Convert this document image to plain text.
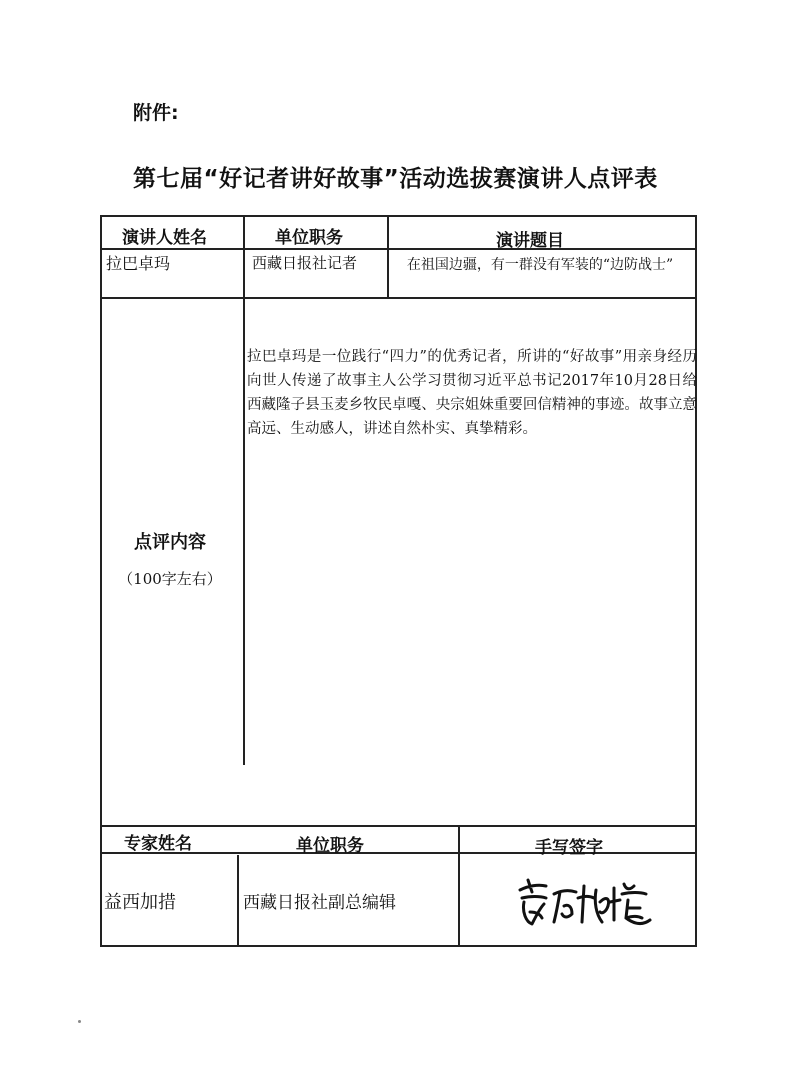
附件:
第七届“好记者讲好故事”活动选拔赛演讲人点评表
演讲人姓名	单位职务	演讲题目
拉巴卓玛	西藏日报社记者	在祖国边疆，有一群没有军装的“边防战士”
点评内容
（100字左右）
拉巴卓玛是一位践行“四力”的优秀记者，所讲的“好故事”用亲身经历向世人传递了故事主人公学习贯彻习近平总书记2017年10月28日给西藏隆子县玉麦乡牧民卓嘎、央宗姐妹重要回信精神的事迹。故事立意高远、生动感人，讲述自然朴实、真挚精彩。
专家姓名	单位职务	手写签字
益西加措	西藏日报社副总编辑
